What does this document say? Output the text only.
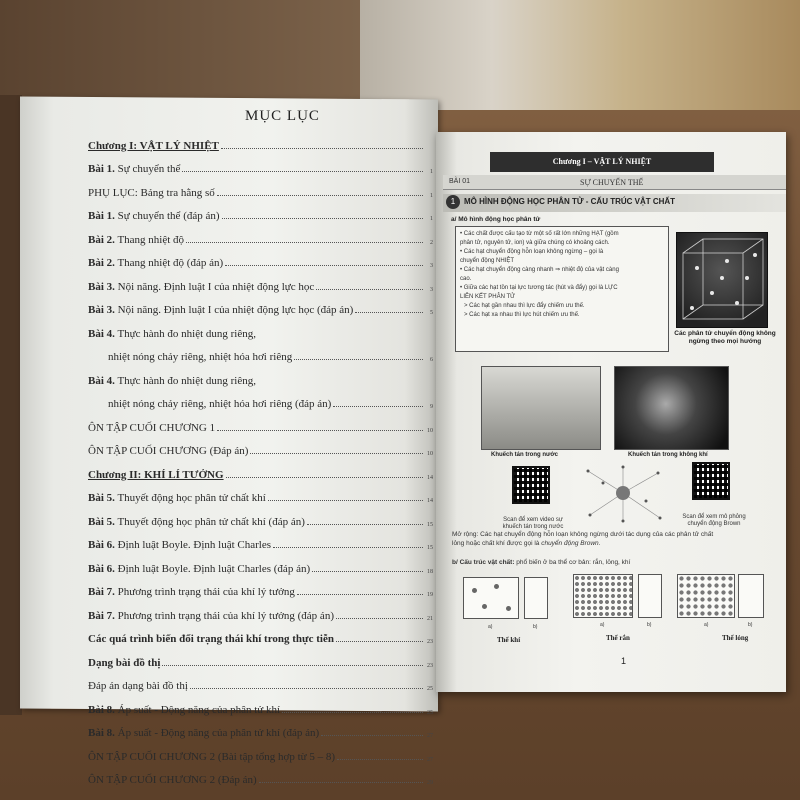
MỤC LỤC
Chương I: VẬT LÝ NHIỆT
Bài 1. Sự chuyển thể	1
PHỤ LỤC: Bảng tra hằng số	1
Bài 1. Sự chuyển thể (đáp án)	1
Bài 2. Thang nhiệt độ	2
Bài 2. Thang nhiệt độ (đáp án)	3
Bài 3. Nội năng. Định luật I của nhiệt động lực học	3
Bài 3. Nội năng. Định luật I của nhiệt động lực học (đáp án)	5
Bài 4. Thực hành đo nhiệt dung riêng,
nhiệt nóng chảy riêng, nhiệt hóa hơi riêng	6
Bài 4. Thực hành đo nhiệt dung riêng,
nhiệt nóng chảy riêng, nhiệt hóa hơi riêng (đáp án)	9
ÔN TẬP CUỐI CHƯƠNG 1	10
ÔN TẬP CUỐI CHƯƠNG (Đáp án)	10
Chương II: KHÍ LÍ TƯỞNG	14
Bài 5. Thuyết động học phân tử chất khí	14
Bài 5. Thuyết động học phân tử chất khí (đáp án)	15
Bài 6. Định luật Boyle. Định luật Charles	15
Bài 6. Định luật Boyle. Định luật Charles (đáp án)	18
Bài 7. Phương trình trạng thái của khí lý tưởng	19
Bài 7. Phương trình trạng thái của khí lý tưởng (đáp án)	21
Các quá trình biến đổi trạng thái khí trong thực tiễn	23
Dạng bài đồ thị	23
Đáp án dạng bài đồ thị	25
Bài 8. Áp suất - Động năng của phân tử khí	25
Bài 8. Áp suất - Động năng của phân tử khí (đáp án)	27
ÔN TẬP CUỐI CHƯƠNG 2 (Bài tập tổng hợp từ 5 – 8)	27
ÔN TẬP CUỐI CHƯƠNG 2 (Đáp án)	29
Chương I – VẬT LÝ NHIỆT
BÀI 01	SỰ CHUYỂN THỂ
1	MÔ HÌNH ĐỘNG HỌC PHÂN TỬ - CẤU TRÚC VẬT CHẤT
a/ Mô hình động học phân tử

• Các chất được cấu tạo từ một số rất lớn những HẠT (gồm

phân tử, nguyên tử, ion) và giữa chúng có khoảng cách.

• Các hạt chuyển động hỗn loạn không ngừng – gọi là

chuyển động NHIỆT

• Các hạt chuyển động càng nhanh ⇒ nhiệt độ của vật càng

cao.

• Giữa các hạt tồn tại lực tương tác (hút và đẩy) gọi là LỰC

LIÊN KẾT PHÂN TỬ

> Các hạt gần nhau thì lực đẩy chiếm ưu thế.

> Các hạt xa nhau thì lực hút chiếm ưu thế.

Các phân tử chuyển động không ngừng theo mọi hướng
Khuếch tán trong nước	Khuếch tán trong không khí
Scan để xem video sự khuếch tán trong nước
Scan để xem mô phỏng chuyển động Brown
Mở rộng: Các hạt chuyển động hỗn loạn không ngừng dưới tác dụng của các phân tử chất
lỏng hoặc chất khí được gọi là chuyển động Brown.
b/ Cấu trúc vật chất: phổ biến ở ba thể cơ bản: rắn, lỏng, khí
a)	b)	a)	b)	a)	b)
Thể khí	Thể rắn	Thể lỏng
1
